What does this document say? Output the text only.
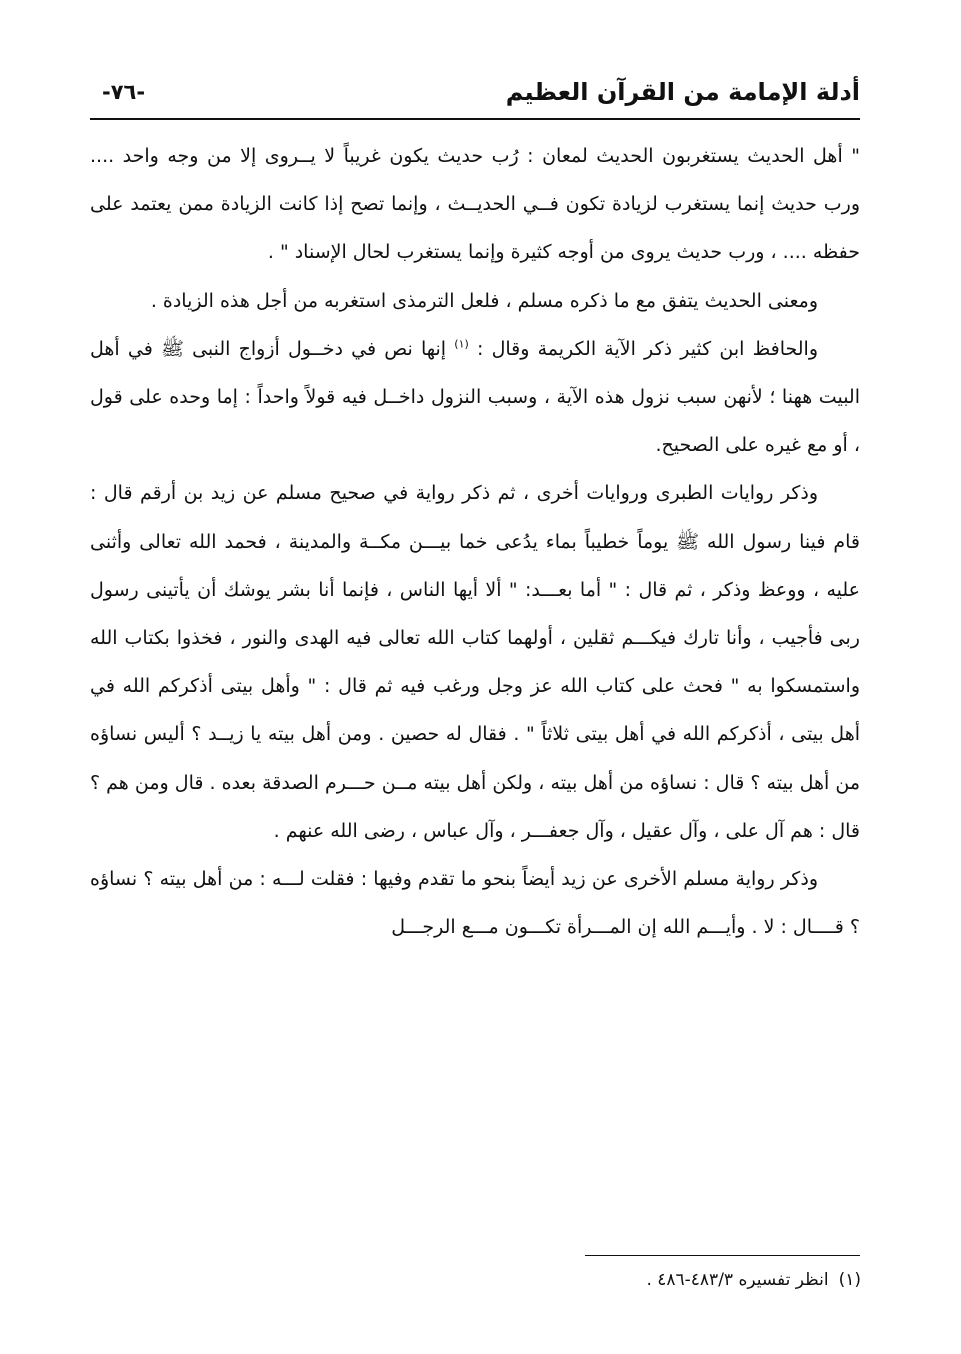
-٧٦-	أدلة الإمامة من القرآن العظيم

" أهل الحديث يستغربون الحديث لمعان : رُب حديث يكون غريباً لا يــروى إلا من وجه واحد .... ورب حديث إنما يستغرب لزيادة تكون فــي الحديــث ، وإنما تصح إذا كانت الزيادة ممن يعتمد على حفظه .... ، ورب حديث يروى من أوجه كثيرة وإنما يستغرب لحال الإسناد " .

ومعنى الحديث يتفق مع ما ذكره مسلم ، فلعل الترمذى استغربه من أجل هذه الزيادة .

والحافظ ابن كثير ذكر الآية الكريمة وقال : $^{(١)}$ إنها نص في دخــول أزواج النبى ﷺ في أهل البيت ههنا ؛ لأنهن سبب نزول هذه الآية ، وسبب النزول داخــل فيه قولاً واحداً : إما وحده على قول ، أو مع غيره على الصحيح.

وذكر روايات الطبرى وروايات أخرى ، ثم ذكر رواية في صحيح مسلم عن زيد بن أرقم قال : قام فينا رسول الله ﷺ يوماً خطيباً بماء يدُعى خما بيـــن مكــة والمدينة ، فحمد الله تعالى وأثنى عليه ، ووعظ وذكر ، ثم قال : " أما بعـــد: " ألا أيها الناس ، فإنما أنا بشر يوشك أن يأتينى رسول ربى فأجيب ، وأنا تارك فيكـــم ثقلين ، أولهما كتاب الله تعالى فيه الهدى والنور ، فخذوا بكتاب الله واستمسكوا به " فحث على كتاب الله عز وجل ورغب فيه ثم قال : " وأهل بيتى أذكركم الله في أهل بيتى ، أذكركم الله في أهل بيتى ثلاثاً " . فقال له حصين . ومن أهل بيته يا زيــد ؟ أليس نساؤه من أهل بيته ؟ قال : نساؤه من أهل بيته ، ولكن أهل بيته مــن حـــرم الصدقة بعده . قال ومن هم ؟ قال : هم آل على ، وآل عقيل ، وآل جعفـــر ، وآل عباس ، رضى الله عنهم .

وذكر رواية مسلم الأخرى عن زيد أيضاً بنحو ما تقدم وفيها : فقلت لـــه : من أهل بيته ؟ نساؤه ؟ قــــال : لا . وأيـــم الله إن المـــرأة تكـــون مـــع الرجـــل

(١)انظر تفسيره ٤٨٣/٣-٤٨٦ .
